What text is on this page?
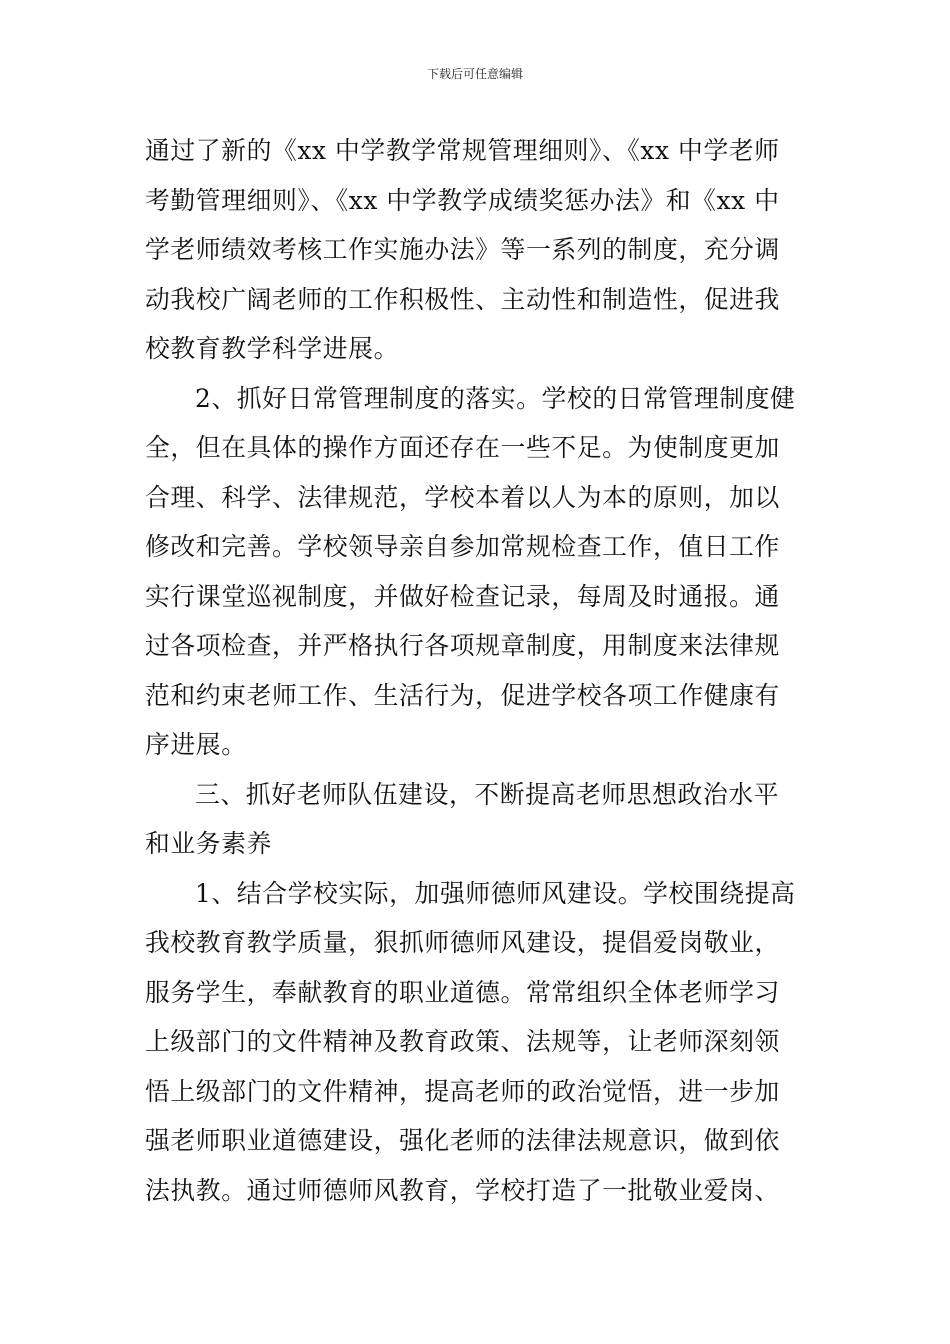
下载后可任意编辑
通过了新的《xx 中学教学常规管理细则》、《xx 中学老师
考勤管理细则》、《xx 中学教学成绩奖惩办法》和《xx 中
学老师绩效考核工作实施办法》等一系列的制度，充分调
动我校广阔老师的工作积极性、主动性和制造性，促进我
校教育教学科学进展。
2、抓好日常管理制度的落实。学校的日常管理制度健
全，但在具体的操作方面还存在一些不足。为使制度更加
合理、科学、法律规范，学校本着以人为本的原则，加以
修改和完善。学校领导亲自参加常规检查工作，值日工作
实行课堂巡视制度，并做好检查记录，每周及时通报。通
过各项检查，并严格执行各项规章制度，用制度来法律规
范和约束老师工作、生活行为，促进学校各项工作健康有
序进展。
三、抓好老师队伍建设，不断提高老师思想政治水平
和业务素养
1、结合学校实际，加强师德师风建设。学校围绕提高
我校教育教学质量，狠抓师德师风建设，提倡爱岗敬业，
服务学生，奉献教育的职业道德。常常组织全体老师学习
上级部门的文件精神及教育政策、法规等，让老师深刻领
悟上级部门的文件精神，提高老师的政治觉悟，进一步加
强老师职业道德建设，强化老师的法律法规意识，做到依
法执教。通过师德师风教育，学校打造了一批敬业爱岗、
